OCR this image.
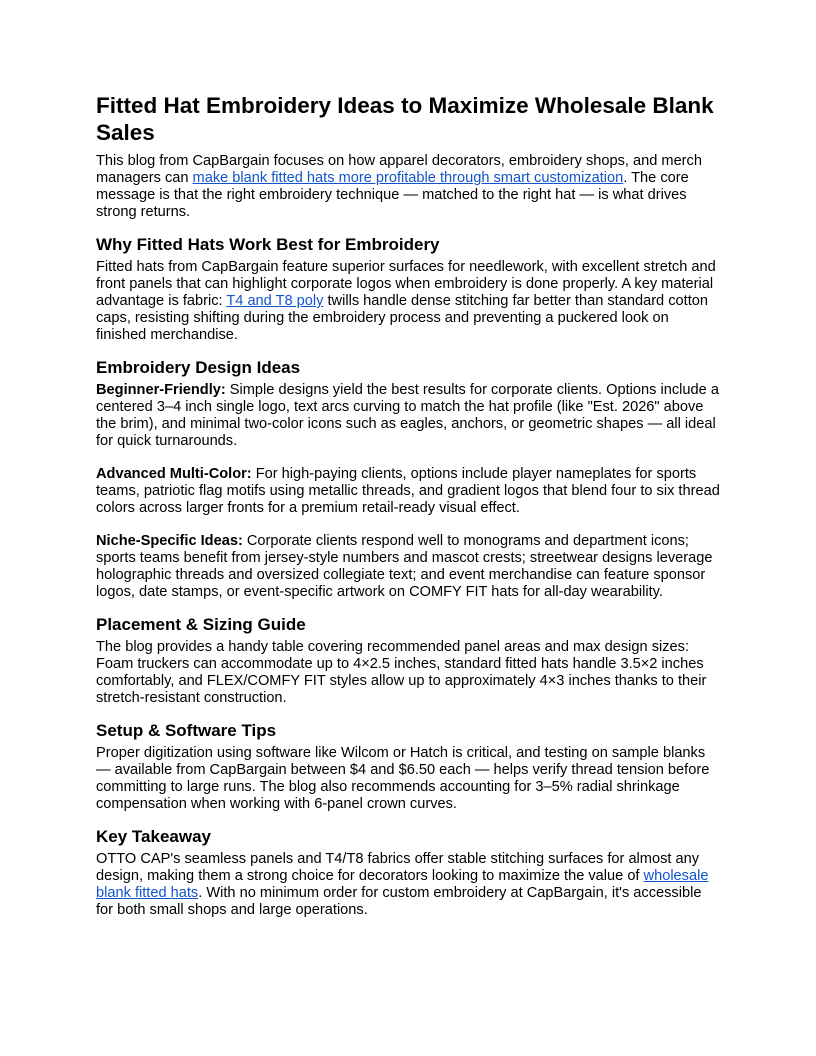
Fitted Hat Embroidery Ideas to Maximize Wholesale Blank Sales

This blog from CapBargain focuses on how apparel decorators, embroidery shops, and merch managers can make blank fitted hats more profitable through smart customization. The core message is that the right embroidery technique — matched to the right hat — is what drives strong returns.

Why Fitted Hats Work Best for Embroidery

Fitted hats from CapBargain feature superior surfaces for needlework, with excellent stretch and front panels that can highlight corporate logos when embroidery is done properly. A key material advantage is fabric: T4 and T8 poly twills handle dense stitching far better than standard cotton caps, resisting shifting during the embroidery process and preventing a puckered look on finished merchandise.

Embroidery Design Ideas

Beginner-Friendly: Simple designs yield the best results for corporate clients. Options include a centered 3–4 inch single logo, text arcs curving to match the hat profile (like "Est. 2026" above the brim), and minimal two-color icons such as eagles, anchors, or geometric shapes — all ideal for quick turnarounds.

Advanced Multi-Color: For high-paying clients, options include player nameplates for sports teams, patriotic flag motifs using metallic threads, and gradient logos that blend four to six thread colors across larger fronts for a premium retail-ready visual effect.

Niche-Specific Ideas: Corporate clients respond well to monograms and department icons; sports teams benefit from jersey-style numbers and mascot crests; streetwear designs leverage holographic threads and oversized collegiate text; and event merchandise can feature sponsor logos, date stamps, or event-specific artwork on COMFY FIT hats for all-day wearability.

Placement & Sizing Guide

The blog provides a handy table covering recommended panel areas and max design sizes: Foam truckers can accommodate up to 4×2.5 inches, standard fitted hats handle 3.5×2 inches comfortably, and FLEX/COMFY FIT styles allow up to approximately 4×3 inches thanks to their stretch-resistant construction.

Setup & Software Tips

Proper digitization using software like Wilcom or Hatch is critical, and testing on sample blanks — available from CapBargain between $4 and $6.50 each — helps verify thread tension before committing to large runs. The blog also recommends accounting for 3–5% radial shrinkage compensation when working with 6-panel crown curves.

Key Takeaway

OTTO CAP's seamless panels and T4/T8 fabrics offer stable stitching surfaces for almost any design, making them a strong choice for decorators looking to maximize the value of wholesale blank fitted hats. With no minimum order for custom embroidery at CapBargain, it's accessible for both small shops and large operations.
